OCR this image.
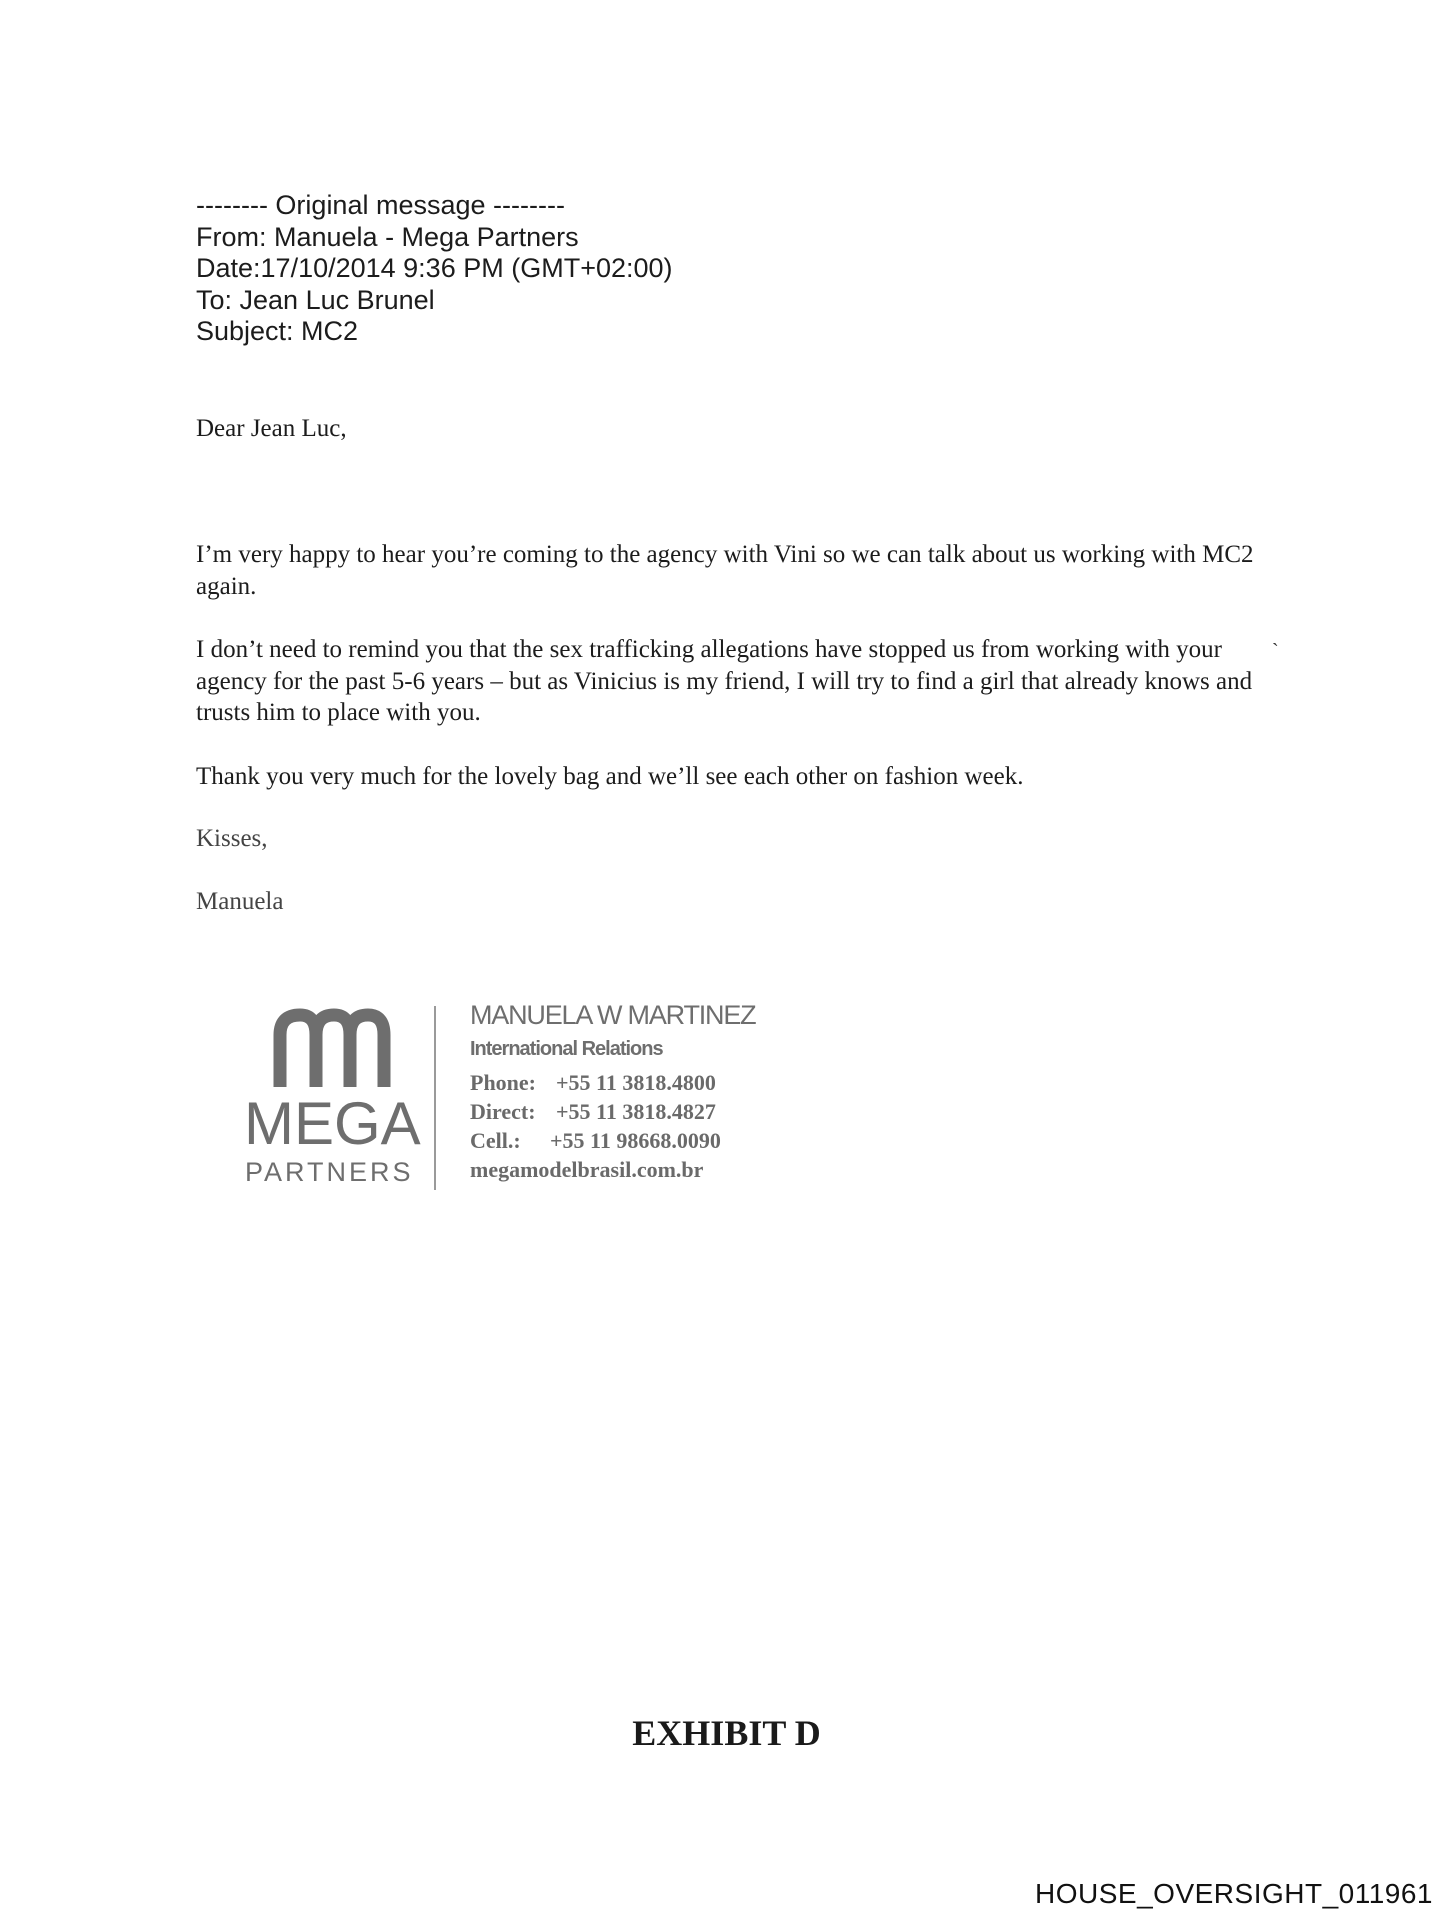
-------- Original message --------
From: Manuela - Mega Partners
Date:17/10/2014 9:36 PM (GMT+02:00)
To: Jean Luc Brunel
Subject: MC2
Dear Jean Luc,
I’m very happy to hear you’re coming to the agency with Vini so we can talk about us working with MC2 again.
I don’t need to remind you that the sex trafficking allegations have stopped us from working with your agency for the past 5-6 years – but as Vinicius is my friend, I will try to find a girl that already knows and trusts him to place with you.
`
Thank you very much for the lovely bag and we’ll see each other on fashion week.
Kisses,
Manuela
MEGA
PARTNERS
MANUELA W MARTINEZ
International Relations
Phone: +55 11 3818.4800
Direct: +55 11 3818.4827
Cell.: +55 11 98668.0090
megamodelbrasil.com.br
EXHIBIT D
HOUSE_OVERSIGHT_011961
